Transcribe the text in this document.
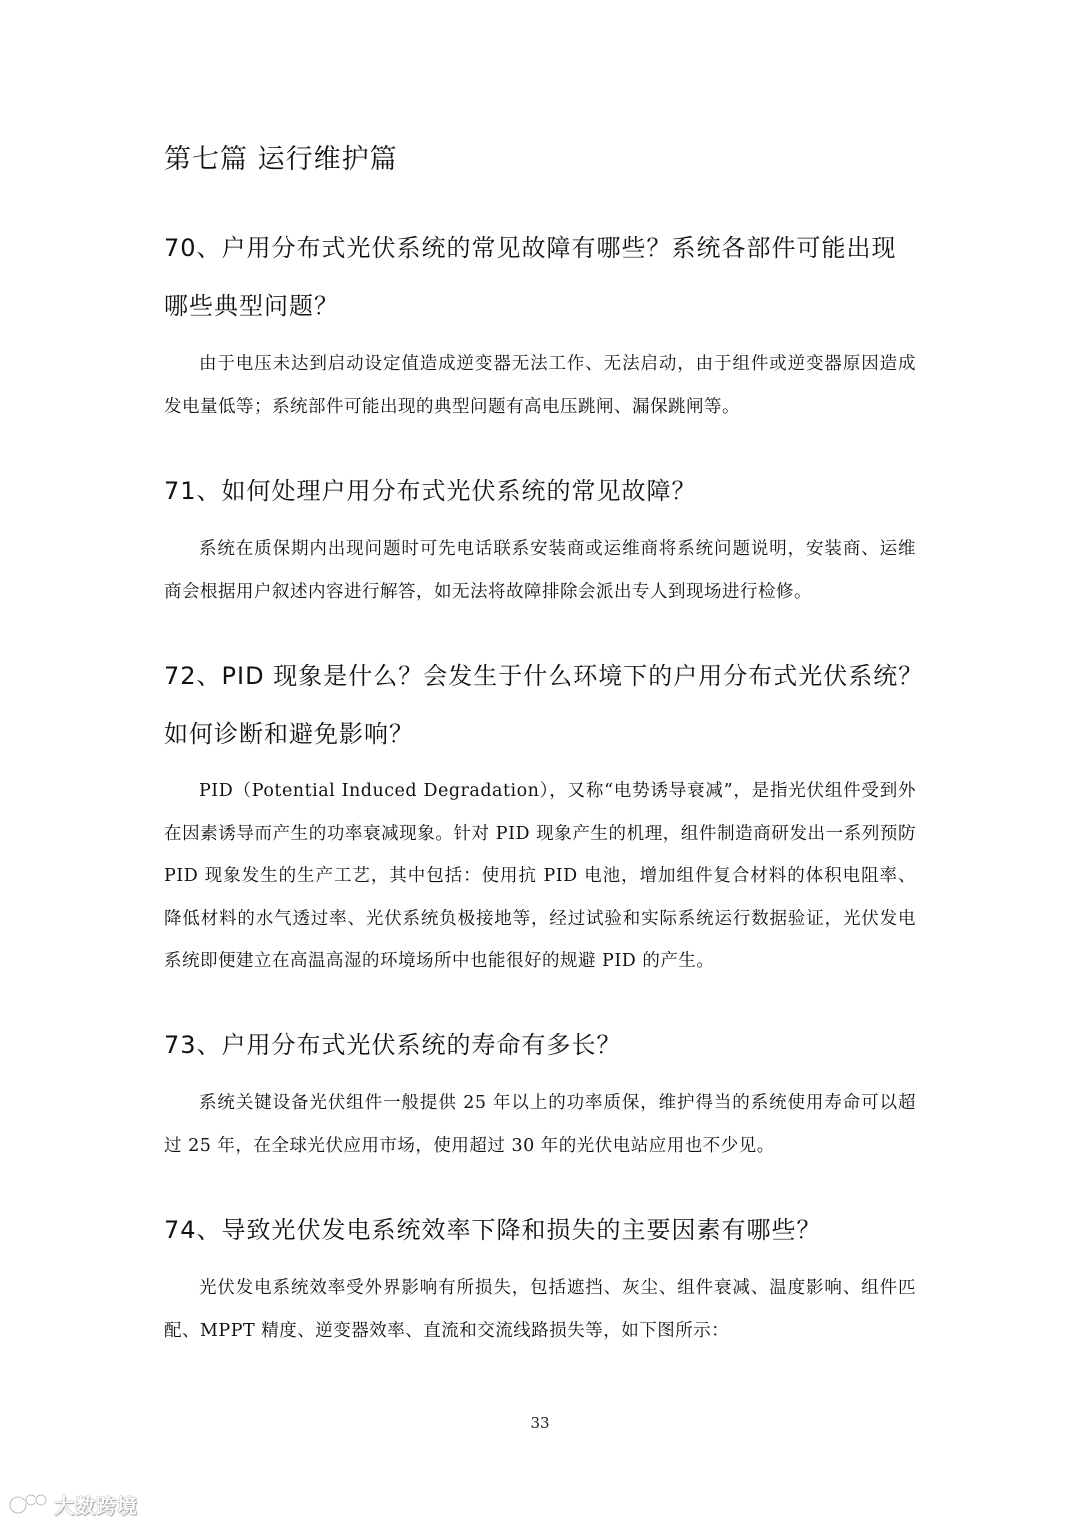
第七篇 运行维护篇
70、户用分布式光伏系统的常见故障有哪些？系统各部件可能出现
哪些典型问题？

由于电压未达到启动设定值造成逆变器无法工作、无法启动，由于组件或逆变器原因造成发电量低等；系统部件可能出现的典型问题有高电压跳闸、漏保跳闸等。

71、如何处理户用分布式光伏系统的常见故障？

系统在质保期内出现问题时可先电话联系安装商或运维商将系统问题说明，安装商、运维商会根据用户叙述内容进行解答，如无法将故障排除会派出专人到现场进行检修。

72、PID 现象是什么？会发生于什么环境下的户用分布式光伏系统？
如何诊断和避免影响？

PID（Potential Induced Degradation），又称“电势诱导衰减”，是指光伏组件受到外在因素诱导而产生的功率衰减现象。针对 PID 现象产生的机理，组件制造商研发出一系列预防 PID 现象发生的生产工艺，其中包括：使用抗 PID 电池，增加组件复合材料的体积电阻率、降低材料的水气透过率、光伏系统负极接地等，经过试验和实际系统运行数据验证，光伏发电系统即便建立在高温高湿的环境场所中也能很好的规避 PID 的产生。

73、户用分布式光伏系统的寿命有多长？

系统关键设备光伏组件一般提供 25 年以上的功率质保，维护得当的系统使用寿命可以超过 25 年，在全球光伏应用市场，使用超过 30 年的光伏电站应用也不少见。

74、导致光伏发电系统效率下降和损失的主要因素有哪些？

光伏发电系统效率受外界影响有所损失，包括遮挡、灰尘、组件衰减、温度影响、组件匹配、MPPT 精度、逆变器效率、直流和交流线路损失等，如下图所示：

33
大数跨境
